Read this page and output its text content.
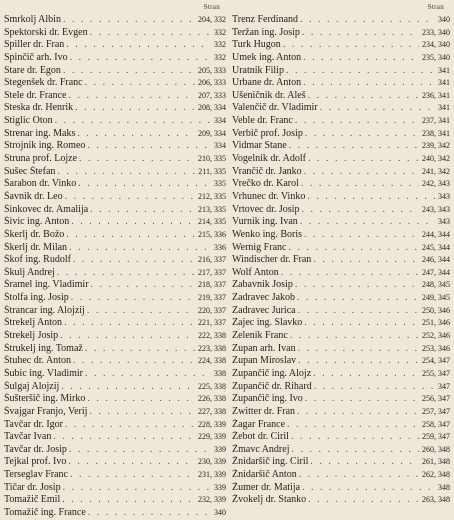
Stran
Smrkolj Albin . . .	204, 332
Spektorski dr. Evgen . . .	332
Spiller dr. Fran . . .	332
Spinčič arh. Ivo . . .	332
Stare dr. Egon . . .	205, 333
Stegenšek dr. Franc . . .	206, 333
Stele dr. France . . .	207, 333
Steska dr. Henrik . . .	208, 334
Stiglic Oton . . .	334
Strenar ing. Maks . . .	209, 334
Strojnik ing. Romeo . . .	334
Struna prof. Lojze . . .	210, 335
Sušec Štefan . . .	211, 335
Šarabon dr. Vinko . . .	335
Šavnik dr. Leo . . .	212, 335
Šinkovec dr. Amalija . . .	213, 335
Šivic ing. Anton . . .	214, 335
Škerlj dr. Božo . . .	215, 336
Škerlj dr. Milan . . .	336
Škof ing. Rudolf . . .	216, 337
Škulj Andrej . . .	217, 337
Šramel ing. Vladimir . . .	218, 337
Štolfa ing. Josip . . .	219, 337
Štrancar ing. Alojzij . . .	220, 337
Štrekelj Anton . . .	221, 337
Štrekelj Josip . . .	222, 338
Štrukelj ing. Tomaž . . .	223, 338
Štuhec dr. Anton . . .	224, 338
Šubic ing. Vladimir . . .	338
Šulgaj Alojzij . . .	225, 338
Šušteršič ing. Mirko . . .	226, 338
Švajgar Franjo, Verij . . .	227, 338
Tavčar dr. Igor . . .	228, 339
Tavčar Ivan . . .	229, 339
Tavčar dr. Josip . . .	339
Tejkal prof. Ivo . . .	230, 339
Terseglav Franc . . .	231, 339
Tičar dr. Josip . . .	339
Tomažič Emil . . .	232, 339
Tomažič ing. France . . .	340
Stran
Trenz Ferdinand . . .	340
Teržan ing. Josip . . .	233, 340
Turk Hugon . . .	234, 340
Umek ing. Anton . . .	235, 340
Uratnik Filip . . .	341
Urbane dr. Anton . . .	341
Ušeničnik dr. Aleš . . .	236, 341
Valenčič dr. Vladimir . . .	341
Veble dr. Franc . . .	237, 341
Verbič prof. Josip . . .	238, 341
Vidmar Stane . . .	239, 342
Vogelnik dr. Adolf . . .	240, 342
Vrančič dr. Janko . . .	241, 342
Vrečko dr. Karol . . .	242, 343
Vrhunec dr. Vinko . . .	343
Vrtovec dr. Josip . . .	243, 343
Vurnik ing. Ivan . . .	343
Wenko ing. Boris . . .	244, 344
Wernig Franc . . .	245, 344
Windischer dr. Fran . . .	246, 344
Wolf Anton . . .	247, 344
Zabavnik Josip . . .	248, 345
Zadravec Jakob . . .	249, 345
Zadravec Jurica . . .	250, 346
Zajec ing. Slavko . . .	251, 346
Zelenik Franc . . .	252, 346
Zupan arh. Ivan . . .	253, 346
Zupan Miroslav . . .	254, 347
Zupančič ing. Alojz . . .	255, 347
Zupančič dr. Rihard . . .	347
Zupančič ing. Ivo . . .	256, 347
Zwitter dr. Fran . . .	257, 347
Žagar France . . .	258, 347
Žebot dr. Ciril . . .	259, 347
Žmavc Andrej . . .	260, 348
Žnidaršič ing. Ciril . . .	261, 348
Žnidaršič Anton . . .	262, 348
Žumer dr. Matija . . .	348
Žvokelj dr. Stanko . . .	263, 348
